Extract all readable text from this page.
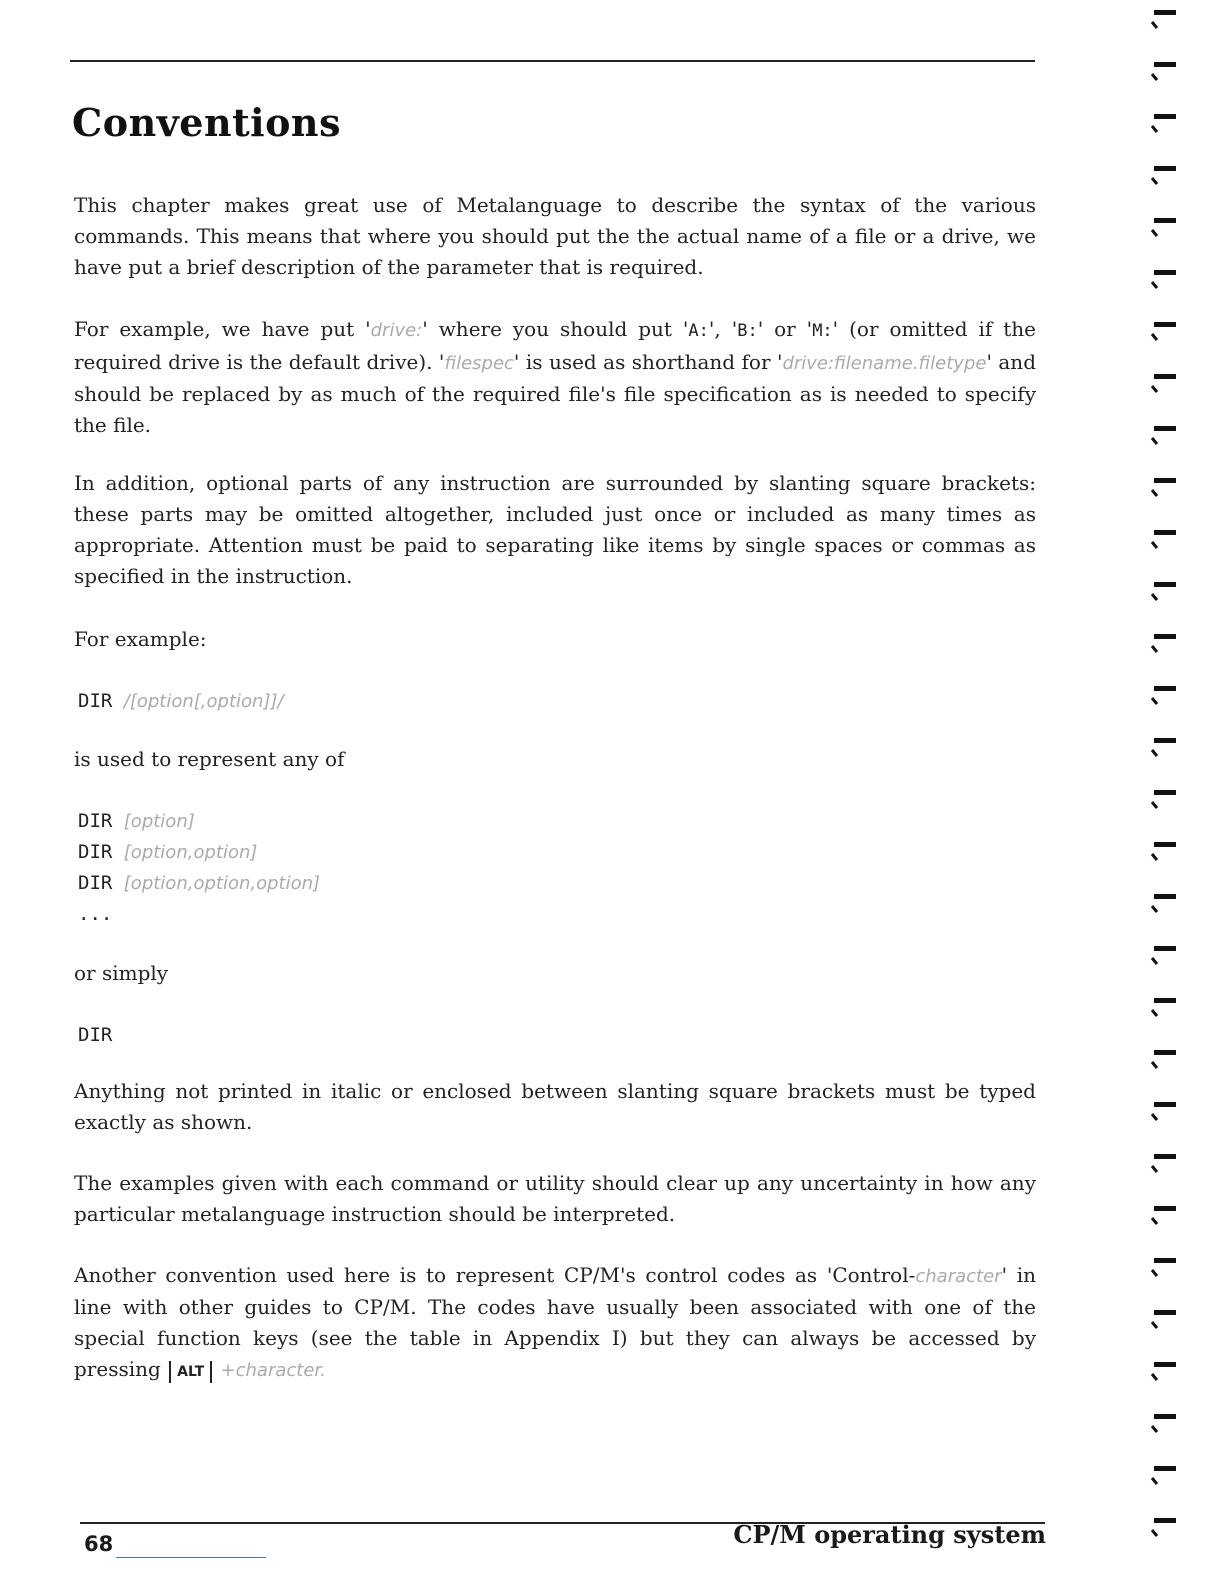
Conventions

This chapter makes great use of Metalanguage to describe the syntax of the various commands. This means that where you should put the the actual name of a file or a drive, we have put a brief description of the parameter that is required.

For example, we have put 'drive:' where you should put 'A:', 'B:' or 'M:' (or omitted if the required drive is the default drive). 'filespec' is used as shorthand for 'drive:filename.filetype' and should be replaced by as much of the required file's file specification as is needed to specify the file.

In addition, optional parts of any instruction are surrounded by slanting square brackets: these parts may be omitted altogether, included just once or included as many times as appropriate. Attention must be paid to separating like items by single spaces or commas as specified in the instruction.

For example:

DIR /[option[,option]]/

is used to represent any of

DIR [option]
DIR [option,option]
DIR [option,option,option]
...

or simply

DIR

Anything not printed in italic or enclosed between slanting square brackets must be typed exactly as shown.

The examples given with each command or utility should clear up any uncertainty in how any particular metalanguage instruction should be interpreted.

Another convention used here is to represent CP/M's control codes as 'Control-character' in line with other guides to CP/M. The codes have usually been associated with one of the special function keys (see the table in Appendix I) but they can always be accessed by pressing ALT +character.

68	CP/M operating system
